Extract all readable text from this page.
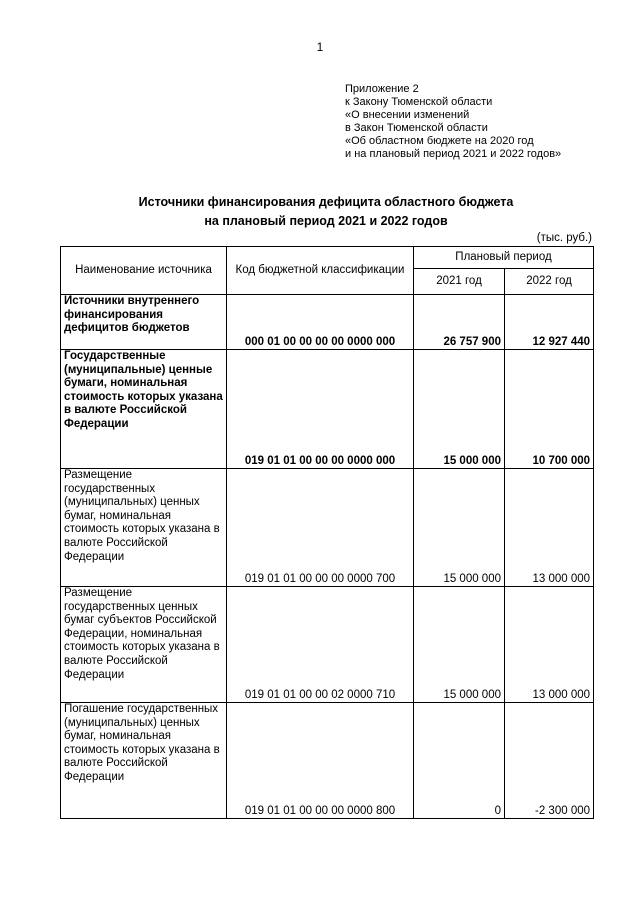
1
Приложение 2
к Закону Тюменской области
«О внесении изменений
в Закон Тюменской области
«Об областном бюджете на 2020 год
и на плановый период 2021 и 2022 годов»
Источники финансирования дефицита областного бюджета
на плановый период 2021 и 2022 годов
(тыс. руб.)
Наименование источника	Код бюджетной классификации	Плановый период	
		2021 год	2022 год
Источники внутреннего финансирования дефицитов бюджетов	000 01 00 00 00 00 0000 000	26 757 900	12 927 440
Государственные (муниципальные) ценные бумаги, номинальная стоимость которых указана в валюте Российской Федерации	019 01 01 00 00 00 0000 000	15 000 000	10 700 000
Размещение государственных (муниципальных) ценных бумаг, номинальная стоимость которых указана в валюте Российской Федерации	019 01 01 00 00 00 0000 700	15 000 000	13 000 000
Размещение государственных ценных бумаг субъектов Российской Федерации, номинальная стоимость которых указана в валюте Российской Федерации	019 01 01 00 00 02 0000 710	15 000 000	13 000 000
Погашение государственных (муниципальных) ценных бумаг, номинальная стоимость которых указана в валюте Российской Федерации	019 01 01 00 00 00 0000 800	0	-2 300 000
